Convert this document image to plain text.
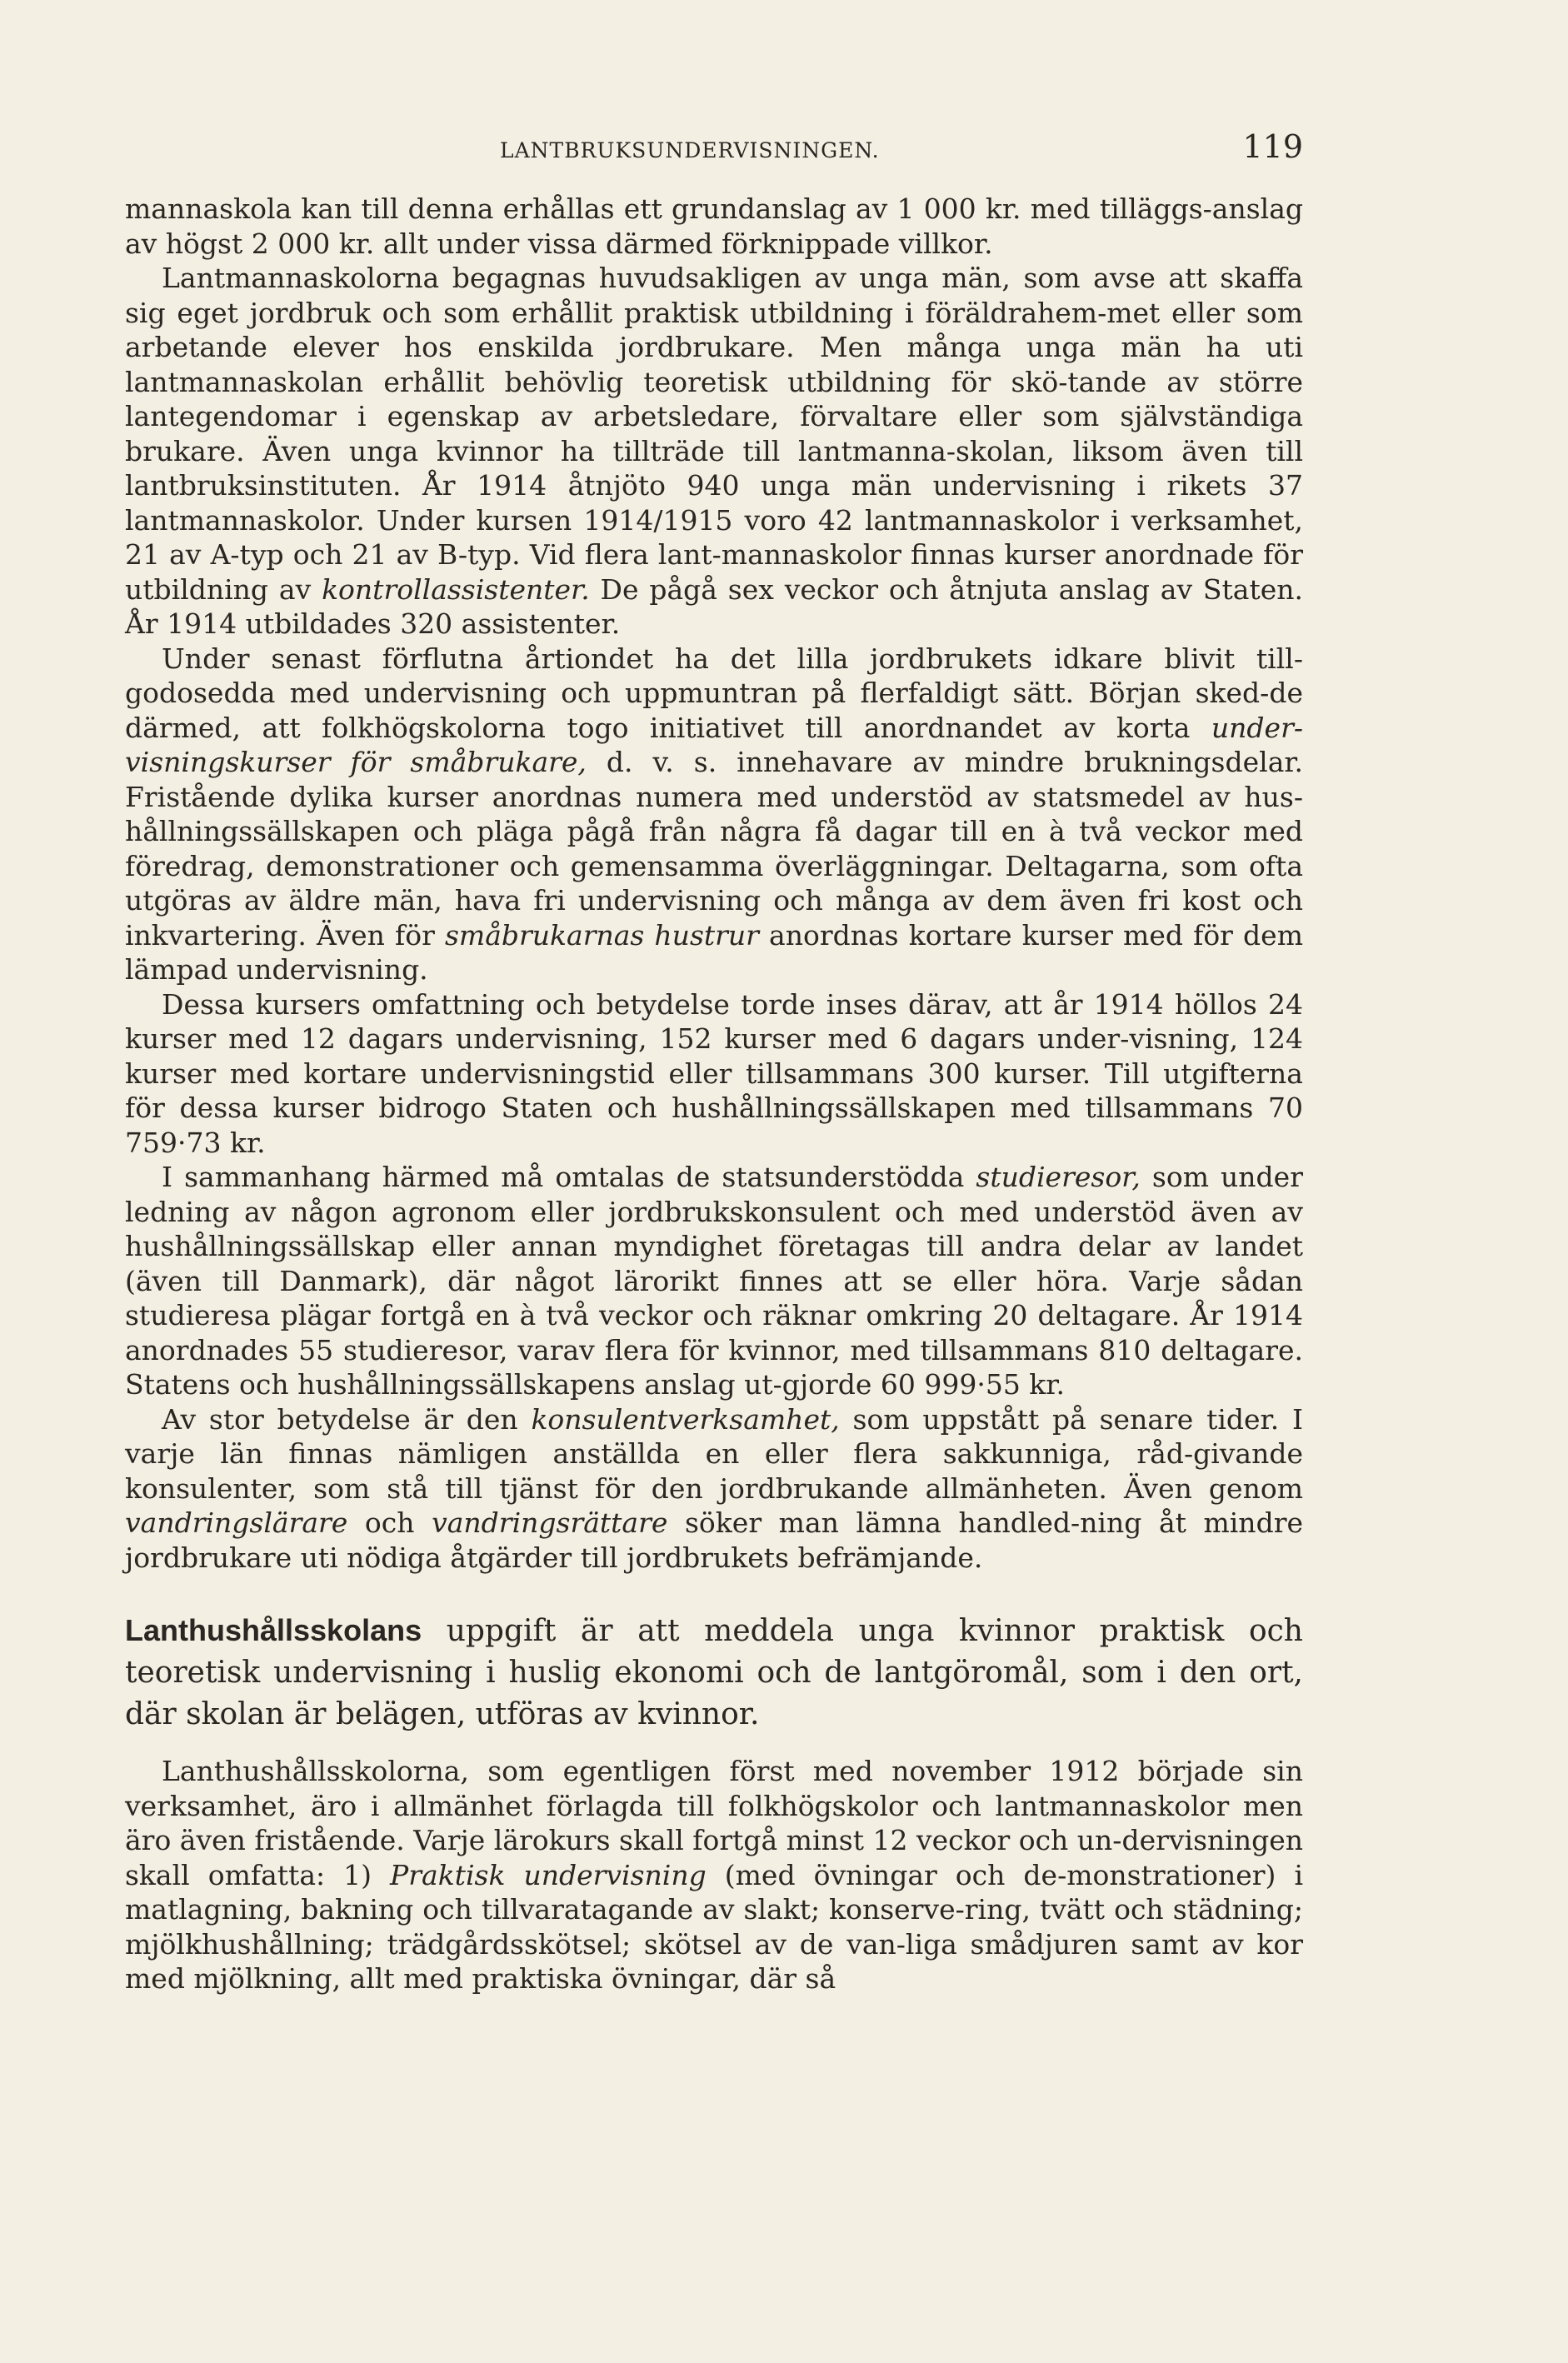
LANTBRUKSUNDERVISNINGEN.	119

mannaskola kan till denna erhållas ett grundanslag av 1 000 kr. med tilläggs-anslag av högst 2 000 kr. allt under vissa därmed förknippade villkor.

Lantmannaskolorna begagnas huvudsakligen av unga män, som avse att skaffa sig eget jordbruk och som erhållit praktisk utbildning i föräldrahem-met eller som arbetande elever hos enskilda jordbrukare. Men många unga män ha uti lantmannaskolan erhållit behövlig teoretisk utbildning för skö-tande av större lantegendomar i egenskap av arbetsledare, förvaltare eller som självständiga brukare. Även unga kvinnor ha tillträde till lantmanna-skolan, liksom även till lantbruksinstituten. År 1914 åtnjöto 940 unga män undervisning i rikets 37 lantmannaskolor. Under kursen 1914/1915 voro 42 lantmannaskolor i verksamhet, 21 av A-typ och 21 av B-typ. Vid flera lant-mannaskolor finnas kurser anordnade för utbildning av kontrollassistenter. De pågå sex veckor och åtnjuta anslag av Staten. År 1914 utbildades 320 assistenter.

Under senast förflutna årtiondet ha det lilla jordbrukets idkare blivit till-godosedda med undervisning och uppmuntran på flerfaldigt sätt. Början sked-de därmed, att folkhögskolorna togo initiativet till anordnandet av korta under-visningskurser för småbrukare, d. v. s. innehavare av mindre brukningsdelar. Fristående dylika kurser anordnas numera med understöd av statsmedel av hus-hållningssällskapen och pläga pågå från några få dagar till en à två veckor med föredrag, demonstrationer och gemensamma överläggningar. Deltagarna, som ofta utgöras av äldre män, hava fri undervisning och många av dem även fri kost och inkvartering. Även för småbrukarnas hustrur anordnas kortare kurser med för dem lämpad undervisning.

Dessa kursers omfattning och betydelse torde inses därav, att år 1914 höllos 24 kurser med 12 dagars undervisning, 152 kurser med 6 dagars under-visning, 124 kurser med kortare undervisningstid eller tillsammans 300 kurser. Till utgifterna för dessa kurser bidrogo Staten och hushållningssällskapen med tillsammans 70 759·73 kr.

I sammanhang härmed må omtalas de statsunderstödda studieresor, som under ledning av någon agronom eller jordbrukskonsulent och med understöd även av hushållningssällskap eller annan myndighet företagas till andra delar av landet (även till Danmark), där något lärorikt finnes att se eller höra. Varje sådan studieresa plägar fortgå en à två veckor och räknar omkring 20 deltagare. År 1914 anordnades 55 studieresor, varav flera för kvinnor, med tillsammans 810 deltagare. Statens och hushållningssällskapens anslag ut-gjorde 60 999·55 kr.

Av stor betydelse är den konsulentverksamhet, som uppstått på senare tider. I varje län finnas nämligen anställda en eller flera sakkunniga, råd-givande konsulenter, som stå till tjänst för den jordbrukande allmänheten. Även genom vandringslärare och vandringsrättare söker man lämna handled-ning åt mindre jordbrukare uti nödiga åtgärder till jordbrukets befrämjande.

Lanthushållsskolans uppgift är att meddela unga kvinnor praktisk och teoretisk undervisning i huslig ekonomi och de lantgöromål, som i den ort, där skolan är belägen, utföras av kvinnor.

Lanthushållsskolorna, som egentligen först med november 1912 började sin verksamhet, äro i allmänhet förlagda till folkhögskolor och lantmannaskolor men äro även fristående. Varje lärokurs skall fortgå minst 12 veckor och un-dervisningen skall omfatta: 1) Praktisk undervisning (med övningar och de-monstrationer) i matlagning, bakning och tillvaratagande av slakt; konserve-ring, tvätt och städning; mjölkhushållning; trädgårdsskötsel; skötsel av de van-liga smådjuren samt av kor med mjölkning, allt med praktiska övningar, där så
